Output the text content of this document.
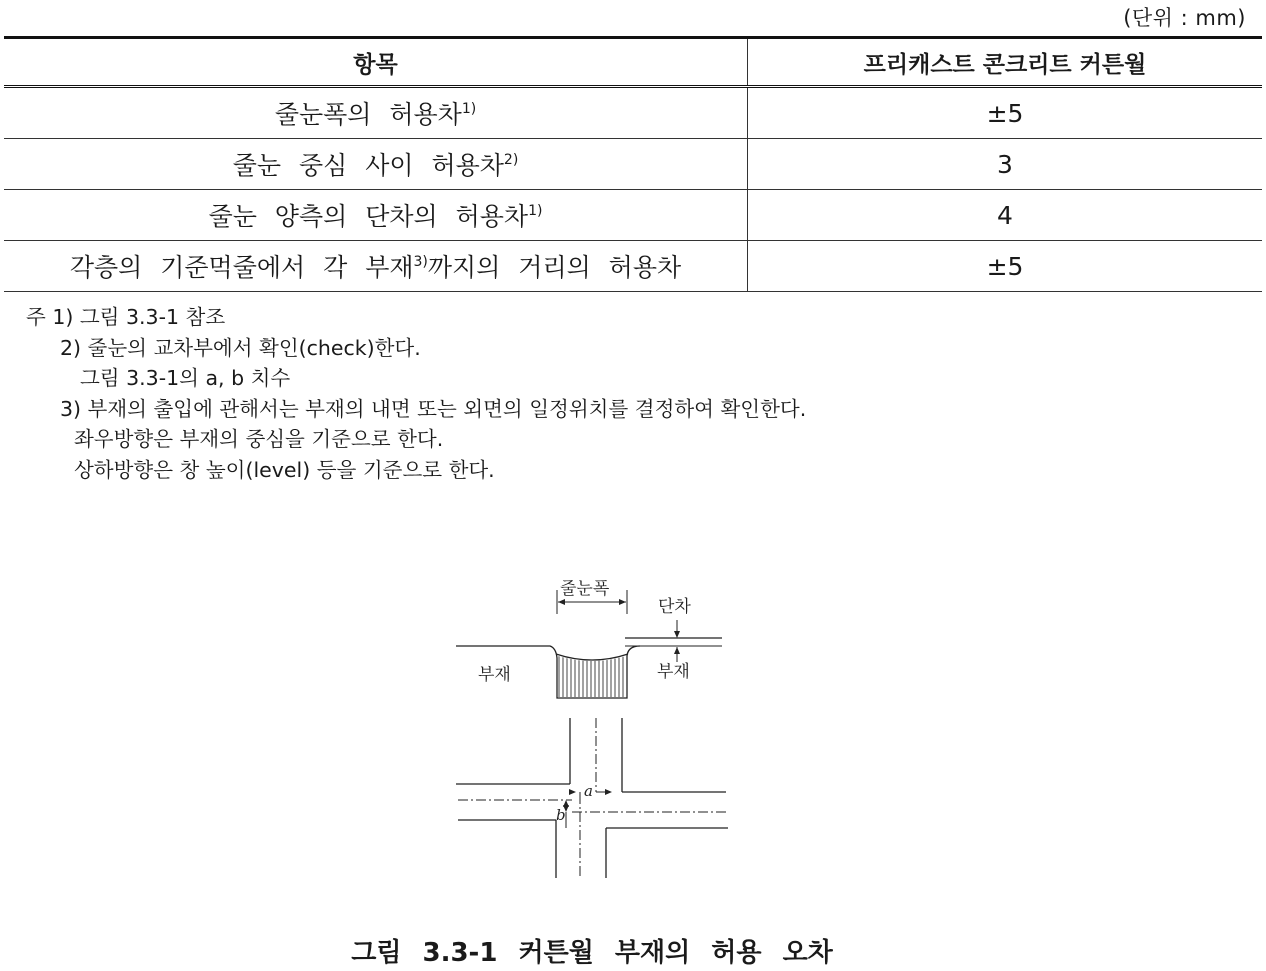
(단위 : mm)
항목	프리캐스트 콘크리트 커튼월
줄눈폭의 허용차$^{1)}$	±5
줄눈 중심 사이 허용차$^{2)}$	3
줄눈 양측의 단차의 허용차$^{1)}$	4
각층의 기준먹줄에서 각 부재$^{3)}$까지의 거리의 허용차	±5
주 1) 그림 3.3-1 참조
2) 줄눈의 교차부에서 확인(check)한다.
그림 3.3-1의 a, b 치수
3) 부재의 출입에 관해서는 부재의 내면 또는 외면의 일정위치를 결정하여 확인한다.
좌우방향은 부재의 중심을 기준으로 한다.
상하방향은 창 높이(level) 등을 기준으로 한다.
줄눈폭
단차
부재	부재
a
b
그림 3.3-1 커튼월 부재의 허용 오차
